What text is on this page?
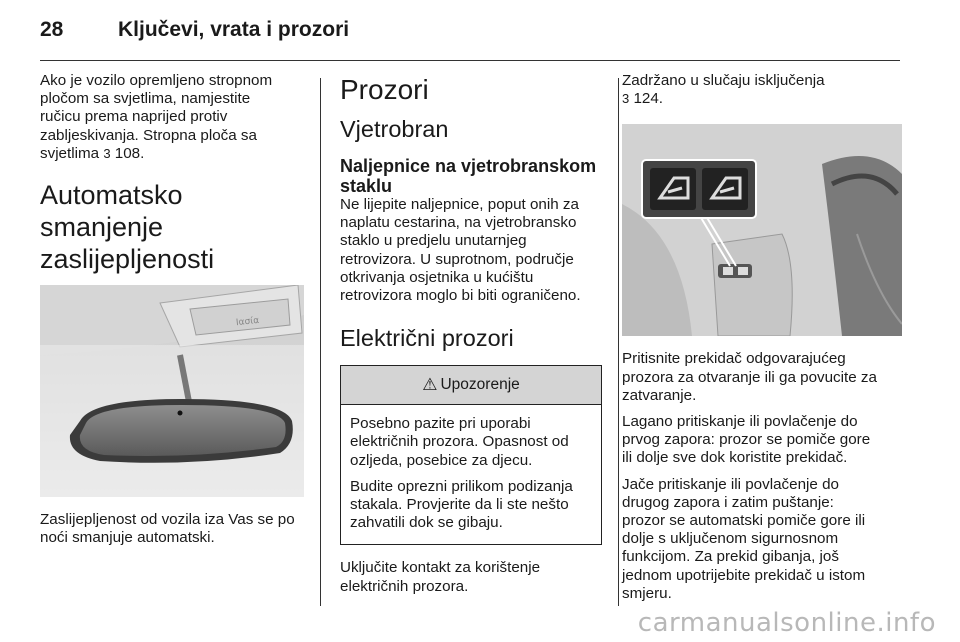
28	Ključevi, vrata i prozori

Ako je vozilo opremljeno stropnom
pločom sa svjetlima, namjestite
ručicu prema naprijed protiv
zabljeskivanja. Stropna ploča sa
svjetlima 3 108.

Automatsko smanjenje
zaslijepljenosti
Ιασία

Zaslijepljenost od vozila iza Vas se po
noći smanjuje automatski.

Prozori
Vjetrobran
Naljepnice na vjetrobranskom
staklu

Ne lijepite naljepnice, poput onih za
naplatu cestarina, na vjetrobransko
staklo u predjelu unutarnjeg
retrovizora. U suprotnom, područje
otkrivanja osjetnika u kućištu
retrovizora moglo bi biti ograničeno.

Električni prozori
⚠ Upozorenje

Posebno pazite pri uporabi
električnih prozora. Opasnost od
ozljeda, posebice za djecu.

Budite oprezni prilikom podizanja
stakala. Provjerite da li ste nešto
zahvatili dok se gibaju.

Uključite kontakt za korištenje
električnih prozora.

Zadržano u slučaju isključenja
3 124.

Pritisnite prekidač odgovarajućeg
prozora za otvaranje ili ga povucite za
zatvaranje.

Lagano pritiskanje ili povlačenje do
prvog zapora: prozor se pomiče gore
ili dolje sve dok koristite prekidač.

Jače pritiskanje ili povlačenje do
drugog zapora i zatim puštanje:
prozor se automatski pomiče gore ili
dolje s uključenom sigurnosnom
funkcijom. Za prekid gibanja, još
jednom upotrijebite prekidač u istom
smjeru.

carmanualsonline.info
